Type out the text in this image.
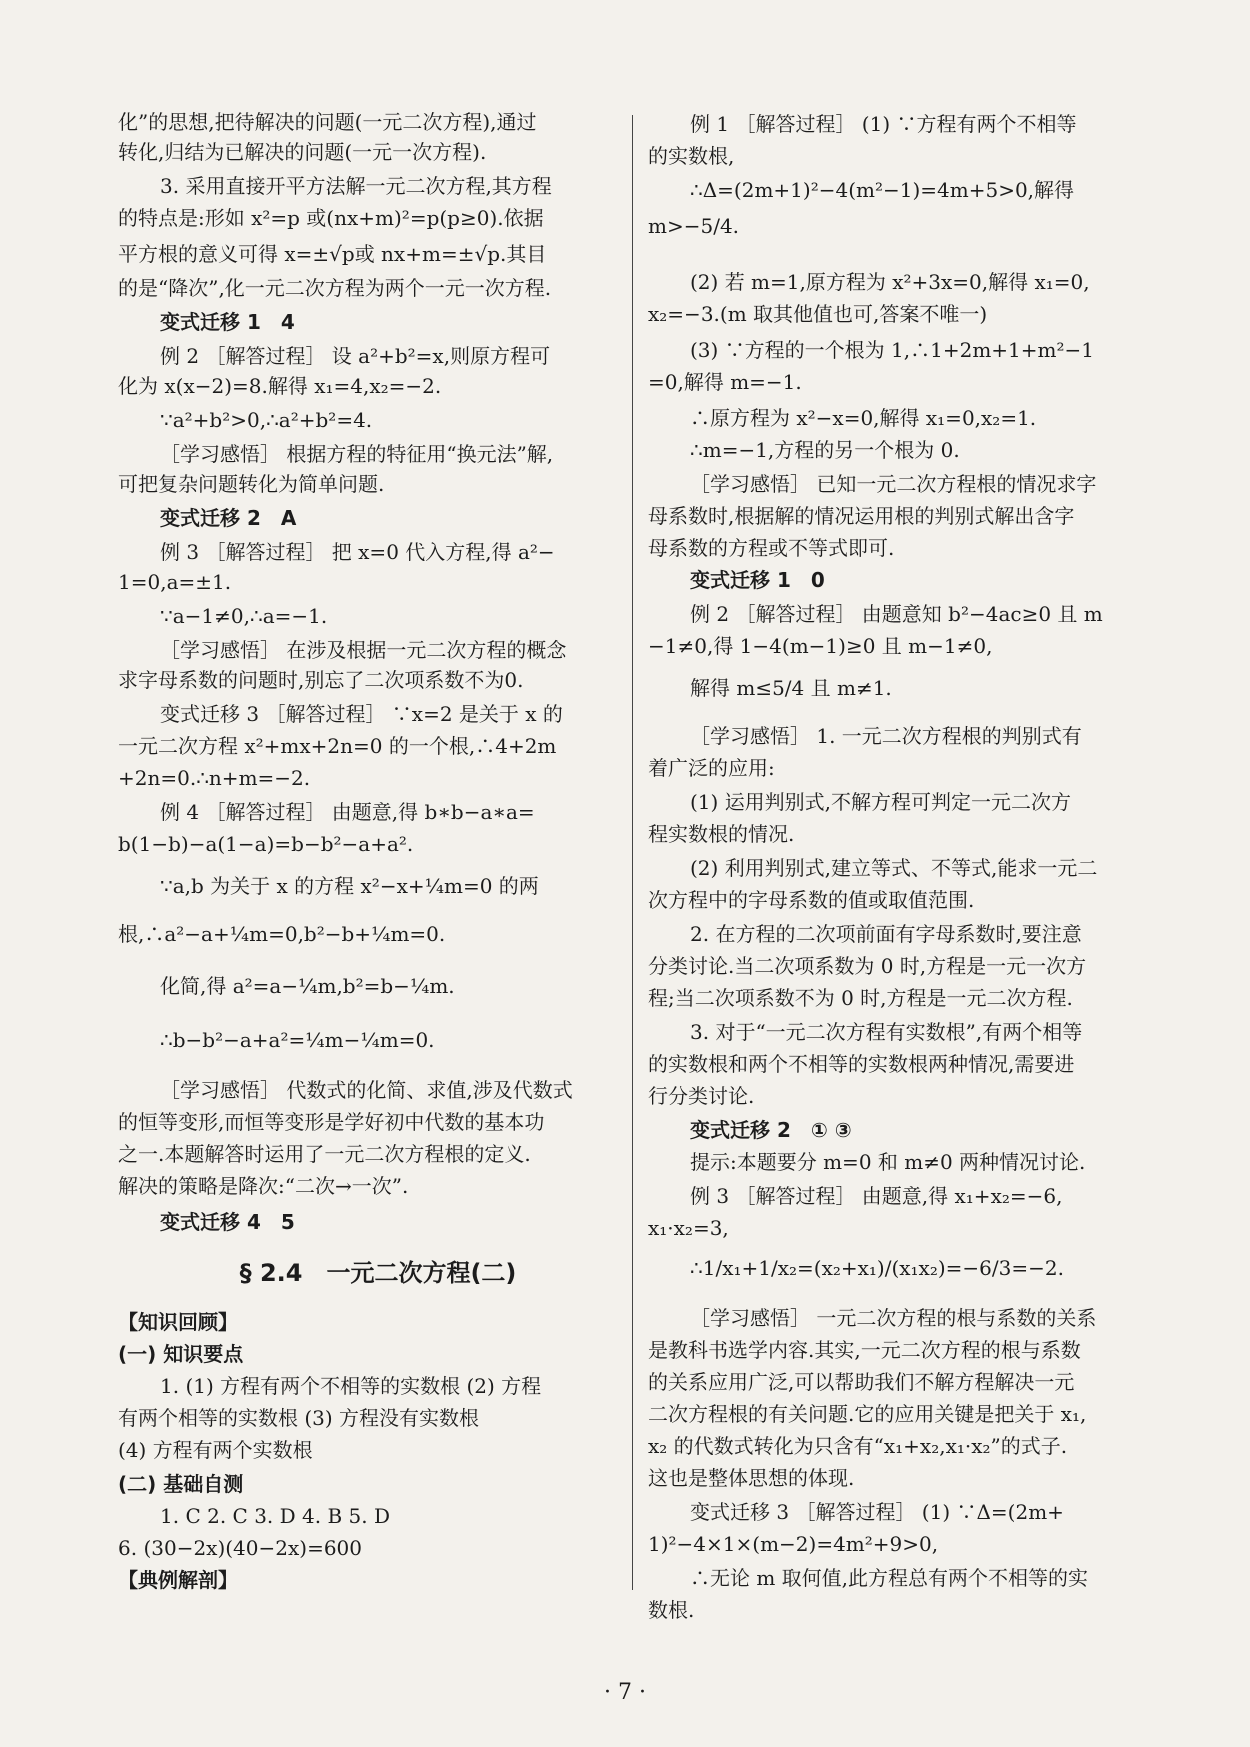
化”的思想,把待解决的问题(一元二次方程),通过
转化,归结为已解决的问题(一元一次方程).
3. 采用直接开平方法解一元二次方程,其方程
的特点是:形如 x²=p 或(nx+m)²=p(p≥0).依据
平方根的意义可得 x=±√p或 nx+m=±√p.其目
的是“降次”,化一元二次方程为两个一元一次方程.
变式迁移 1　4
例 2 ［解答过程］ 设 a²+b²=x,则原方程可
化为 x(x−2)=8.解得 x₁=4,x₂=−2.
∵a²+b²>0,∴a²+b²=4.
［学习感悟］ 根据方程的特征用“换元法”解,
可把复杂问题转化为简单问题.
变式迁移 2　A
例 3 ［解答过程］ 把 x=0 代入方程,得 a²−
1=0,a=±1.
∵a−1≠0,∴a=−1.
［学习感悟］ 在涉及根据一元二次方程的概念
求字母系数的问题时,别忘了二次项系数不为0.
变式迁移 3 ［解答过程］ ∵x=2 是关于 x 的
一元二次方程 x²+mx+2n=0 的一个根,∴4+2m
+2n=0.∴n+m=−2.
例 4 ［解答过程］ 由题意,得 b∗b−a∗a=
b(1−b)−a(1−a)=b−b²−a+a².
∵a,b 为关于 x 的方程 x²−x+¼m=0 的两
根,∴a²−a+¼m=0,b²−b+¼m=0.
化简,得 a²=a−¼m,b²=b−¼m.
∴b−b²−a+a²=¼m−¼m=0.
［学习感悟］ 代数式的化简、求值,涉及代数式
的恒等变形,而恒等变形是学好初中代数的基本功
之一.本题解答时运用了一元二次方程根的定义.
解决的策略是降次:“二次→一次”.
变式迁移 4　5
§ 2.4　一元二次方程(二)
【知识回顾】
(一) 知识要点
1. (1) 方程有两个不相等的实数根 (2) 方程
有两个相等的实数根 (3) 方程没有实数根
(4) 方程有两个实数根
(二) 基础自测
1. C 2. C 3. D 4. B 5. D
6. (30−2x)(40−2x)=600
【典例解剖】
例 1 ［解答过程］ (1) ∵方程有两个不相等
的实数根,
∴Δ=(2m+1)²−4(m²−1)=4m+5>0,解得
m>−5/4.
(2) 若 m=1,原方程为 x²+3x=0,解得 x₁=0,
x₂=−3.(m 取其他值也可,答案不唯一)
(3) ∵方程的一个根为 1,∴1+2m+1+m²−1
=0,解得 m=−1.
∴原方程为 x²−x=0,解得 x₁=0,x₂=1.
∴m=−1,方程的另一个根为 0.
［学习感悟］ 已知一元二次方程根的情况求字
母系数时,根据解的情况运用根的判别式解出含字
母系数的方程或不等式即可.
变式迁移 1　0
例 2 ［解答过程］ 由题意知 b²−4ac≥0 且 m
−1≠0,得 1−4(m−1)≥0 且 m−1≠0,
解得 m≤5/4 且 m≠1.
［学习感悟］ 1. 一元二次方程根的判别式有
着广泛的应用:
(1) 运用判别式,不解方程可判定一元二次方
程实数根的情况.
(2) 利用判别式,建立等式、不等式,能求一元二
次方程中的字母系数的值或取值范围.
2. 在方程的二次项前面有字母系数时,要注意
分类讨论.当二次项系数为 0 时,方程是一元一次方
程;当二次项系数不为 0 时,方程是一元二次方程.
3. 对于“一元二次方程有实数根”,有两个相等
的实数根和两个不相等的实数根两种情况,需要进
行分类讨论.
变式迁移 2　① ③
提示:本题要分 m=0 和 m≠0 两种情况讨论.
例 3 ［解答过程］ 由题意,得 x₁+x₂=−6,
x₁·x₂=3,
∴1/x₁+1/x₂=(x₂+x₁)/(x₁x₂)=−6/3=−2.
［学习感悟］ 一元二次方程的根与系数的关系
是教科书选学内容.其实,一元二次方程的根与系数
的关系应用广泛,可以帮助我们不解方程解决一元
二次方程根的有关问题.它的应用关键是把关于 x₁,
x₂ 的代数式转化为只含有“x₁+x₂,x₁·x₂”的式子.
这也是整体思想的体现.
变式迁移 3 ［解答过程］ (1) ∵Δ=(2m+
1)²−4×1×(m−2)=4m²+9>0,
∴无论 m 取何值,此方程总有两个不相等的实
数根.
· 7 ·
